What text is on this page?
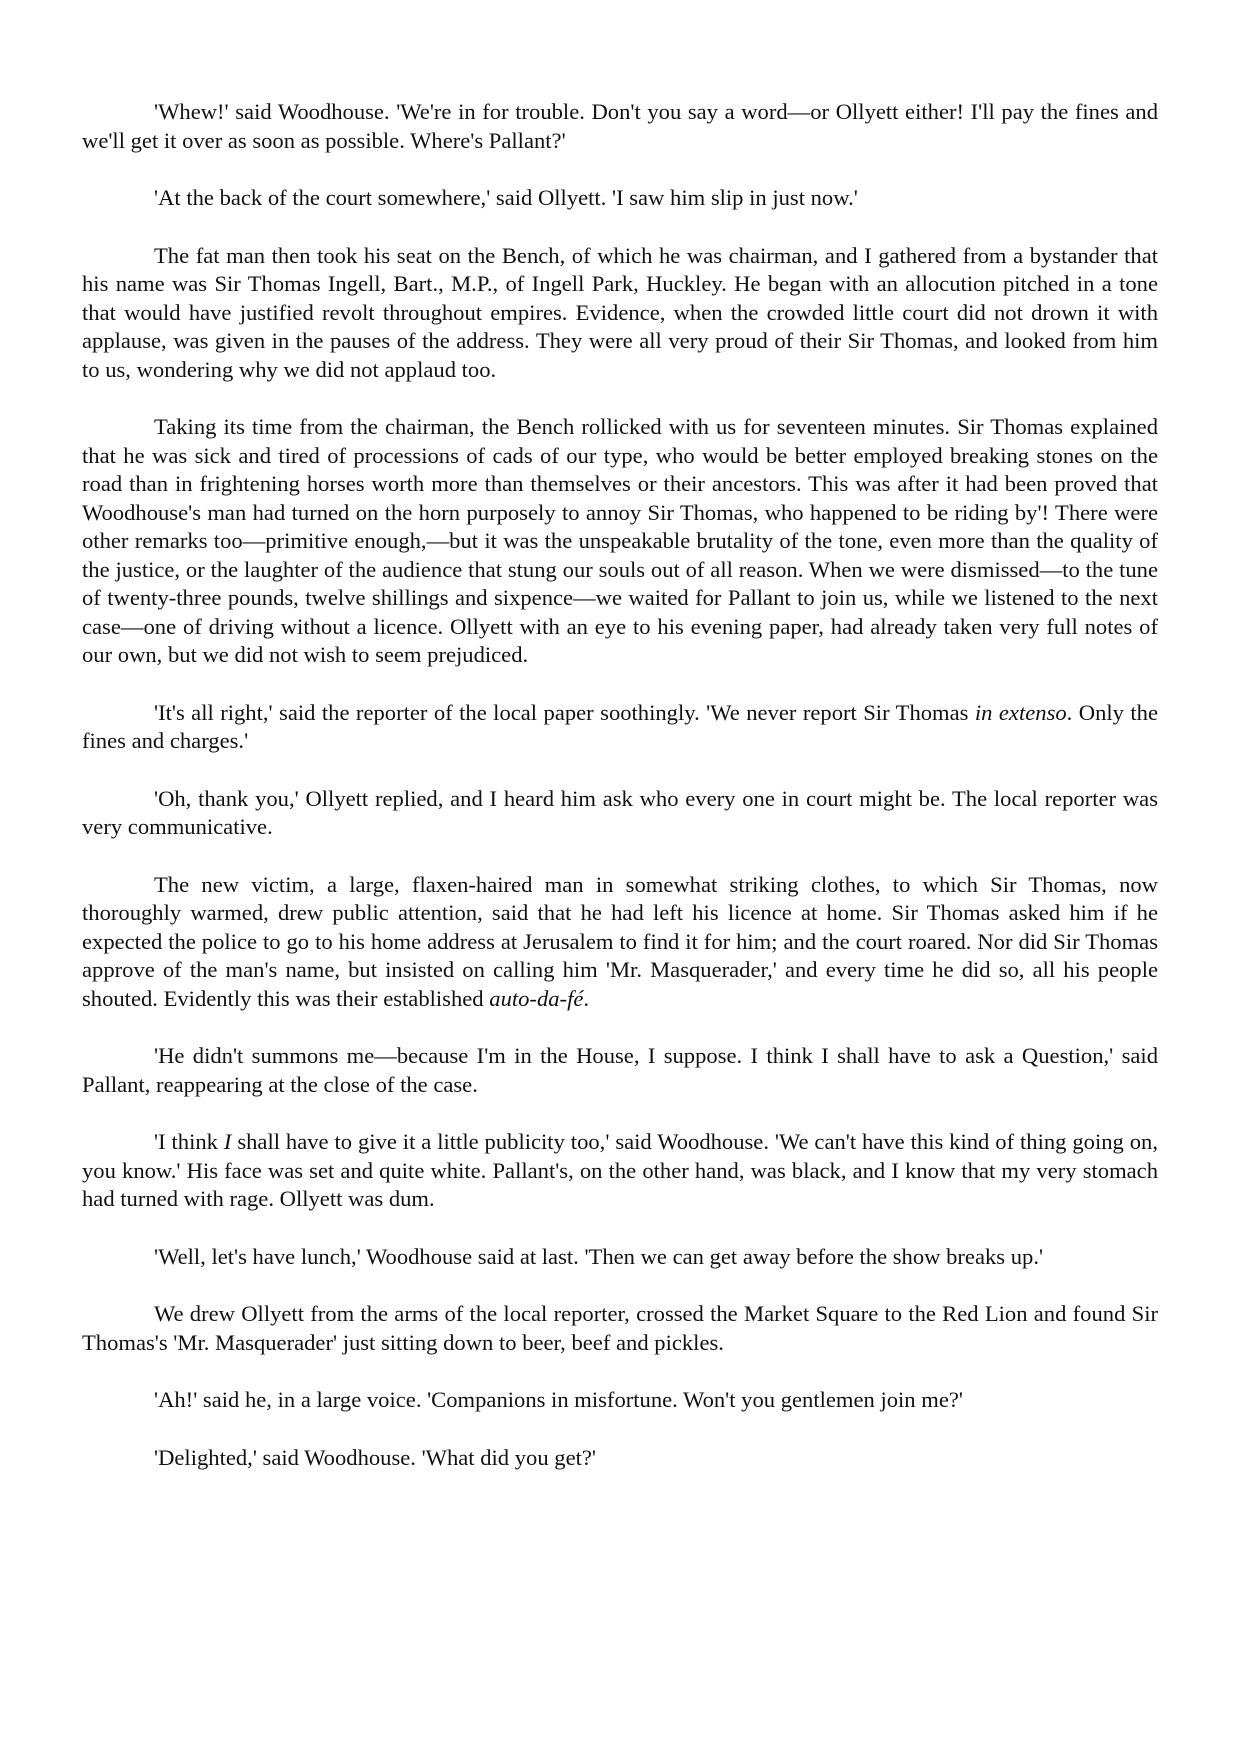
'Whew!' said Woodhouse. 'We're in for trouble. Don't you say a word—or Ollyett either! I'll pay the fines and we'll get it over as soon as possible. Where's Pallant?'

'At the back of the court somewhere,' said Ollyett. 'I saw him slip in just now.'

The fat man then took his seat on the Bench, of which he was chairman, and I gathered from a bystander that his name was Sir Thomas Ingell, Bart., M.P., of Ingell Park, Huckley. He began with an allocution pitched in a tone that would have justified revolt throughout empires. Evidence, when the crowded little court did not drown it with applause, was given in the pauses of the address. They were all very proud of their Sir Thomas, and looked from him to us, wondering why we did not applaud too.

Taking its time from the chairman, the Bench rollicked with us for seventeen minutes. Sir Thomas explained that he was sick and tired of processions of cads of our type, who would be better employed breaking stones on the road than in frightening horses worth more than themselves or their ancestors. This was after it had been proved that Woodhouse's man had turned on the horn purposely to annoy Sir Thomas, who happened to be riding by'! There were other remarks too—primitive enough,—but it was the unspeakable brutality of the tone, even more than the quality of the justice, or the laughter of the audience that stung our souls out of all reason. When we were dismissed—to the tune of twenty-three pounds, twelve shillings and sixpence—we waited for Pallant to join us, while we listened to the next case—one of driving without a licence. Ollyett with an eye to his evening paper, had already taken very full notes of our own, but we did not wish to seem prejudiced.

'It's all right,' said the reporter of the local paper soothingly. 'We never report Sir Thomas in extenso. Only the fines and charges.'

'Oh, thank you,' Ollyett replied, and I heard him ask who every one in court might be. The local reporter was very communicative.

The new victim, a large, flaxen-haired man in somewhat striking clothes, to which Sir Thomas, now thoroughly warmed, drew public attention, said that he had left his licence at home. Sir Thomas asked him if he expected the police to go to his home address at Jerusalem to find it for him; and the court roared. Nor did Sir Thomas approve of the man's name, but insisted on calling him 'Mr. Masquerader,' and every time he did so, all his people shouted. Evidently this was their established auto-da-fé.

'He didn't summons me—because I'm in the House, I suppose. I think I shall have to ask a Question,' said Pallant, reappearing at the close of the case.

'I think I shall have to give it a little publicity too,' said Woodhouse. 'We can't have this kind of thing going on, you know.' His face was set and quite white. Pallant's, on the other hand, was black, and I know that my very stomach had turned with rage. Ollyett was dum.

'Well, let's have lunch,' Woodhouse said at last. 'Then we can get away before the show breaks up.'

We drew Ollyett from the arms of the local reporter, crossed the Market Square to the Red Lion and found Sir Thomas's 'Mr. Masquerader' just sitting down to beer, beef and pickles.

'Ah!' said he, in a large voice. 'Companions in misfortune. Won't you gentlemen join me?'

'Delighted,' said Woodhouse. 'What did you get?'
